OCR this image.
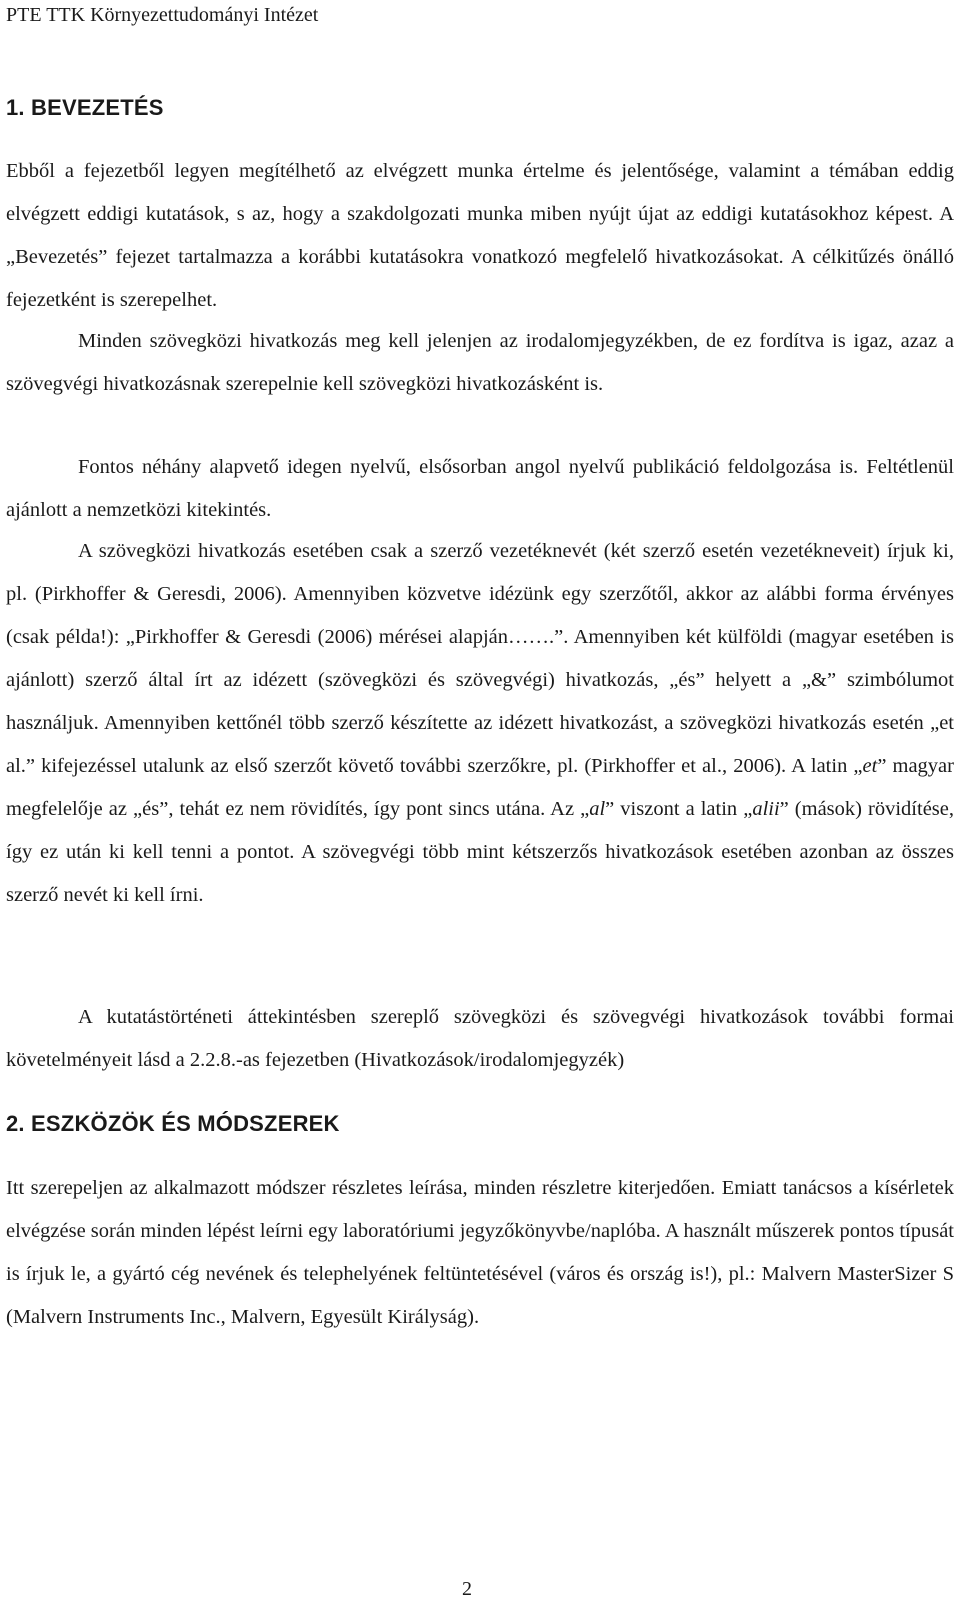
PTE TTK Környezettudományi Intézet
1. BEVEZETÉS

Ebből a fejezetből legyen megítélhető az elvégzett munka értelme és jelentősége, valamint a témában eddig elvégzett eddigi kutatások, s az, hogy a szakdolgozati munka miben nyújt újat az eddigi kutatásokhoz képest. A „Bevezetés” fejezet tartalmazza a korábbi kutatásokra vonatkozó megfelelő hivatkozásokat. A célkitűzés önálló fejezetként is szerepelhet.

Minden szövegközi hivatkozás meg kell jelenjen az irodalomjegyzékben, de ez fordítva is igaz, azaz a szövegvégi hivatkozásnak szerepelnie kell szövegközi hivatkozásként is.

Fontos néhány alapvető idegen nyelvű, elsősorban angol nyelvű publikáció feldolgozása is. Feltétlenül ajánlott a nemzetközi kitekintés.

A szövegközi hivatkozás esetében csak a szerző vezetéknevét (két szerző esetén vezetékneveit) írjuk ki, pl. (Pirkhoffer & Geresdi, 2006). Amennyiben közvetve idézünk egy szerzőtől, akkor az alábbi forma érvényes (csak példa!): „Pirkhoffer & Geresdi (2006) mérései alapján…….”. Amennyiben két külföldi (magyar esetében is ajánlott) szerző által írt az idézett (szövegközi és szövegvégi) hivatkozás, „és” helyett a „&” szimbólumot használjuk. Amennyiben kettőnél több szerző készítette az idézett hivatkozást, a szövegközi hivatkozás esetén „et al.” kifejezéssel utalunk az első szerzőt követő további szerzőkre, pl. (Pirkhoffer et al., 2006). A latin „et” magyar megfelelője az „és”, tehát ez nem rövidítés, így pont sincs utána. Az „al” viszont a latin „alii” (mások) rövidítése, így ez után ki kell tenni a pontot. A szövegvégi több mint kétszerzős hivatkozások esetében azonban az összes szerző nevét ki kell írni.

A kutatástörténeti áttekintésben szereplő szövegközi és szövegvégi hivatkozások további formai követelményeit lásd a 2.2.8.-as fejezetben (Hivatkozások/irodalomjegyzék)

2. ESZKÖZÖK ÉS MÓDSZEREK

Itt szerepeljen az alkalmazott módszer részletes leírása, minden részletre kiterjedően. Emiatt tanácsos a kísérletek elvégzése során minden lépést leírni egy laboratóriumi jegyzőkönyvbe/naplóba. A használt műszerek pontos típusát is írjuk le, a gyártó cég nevének és telephelyének feltüntetésével (város és ország is!), pl.: Malvern MasterSizer S (Malvern Instruments Inc., Malvern, Egyesült Királyság).

2
